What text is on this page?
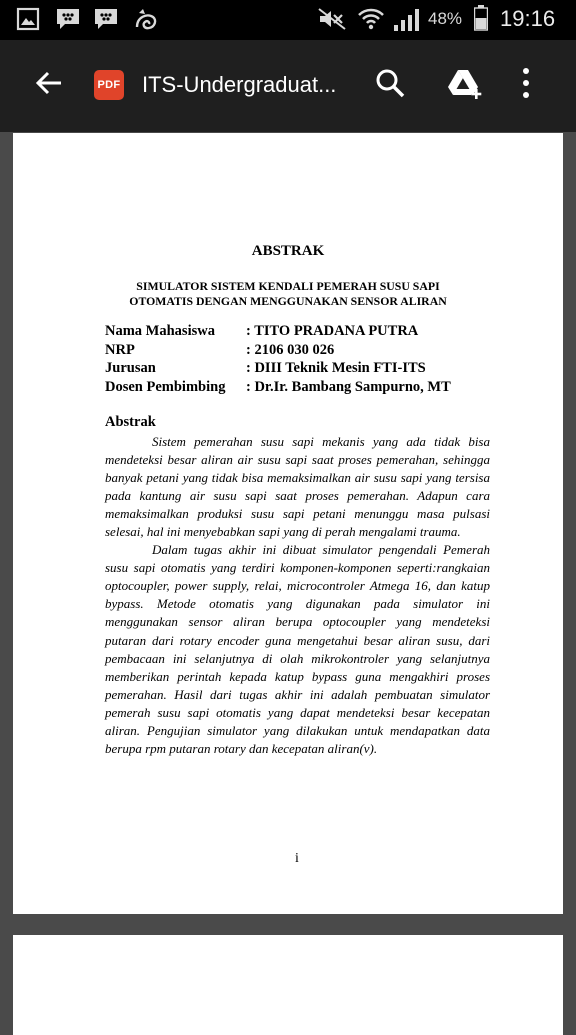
48% 19:16
PDF ITS-Undergraduat...
ABSTRAK
SIMULATOR SISTEM KENDALI PEMERAH SUSU SAPI
OTOMATIS DENGAN MENGGUNAKAN SENSOR ALIRAN
Nama Mahasiswa : TITO PRADANA PUTRA
NRP	: 2106 030 026
Jurusan	: DIII Teknik Mesin FTI-ITS
Dosen Pembimbing : Dr.Ir. Bambang Sampurno, MT
Abstrak

Sistem pemerahan susu sapi mekanis yang ada tidak bisa mendeteksi besar aliran air susu sapi saat proses pemerahan, sehingga banyak petani yang tidak bisa memaksimalkan air susu sapi yang tersisa pada kantung air susu sapi saat proses pemerahan. Adapun cara memaksimalkan produksi susu sapi petani menunggu masa pulsasi selesai, hal ini menyebabkan sapi yang di perah mengalami trauma.

Dalam tugas akhir ini dibuat simulator pengendali Pemerah susu sapi otomatis yang terdiri komponen-komponen seperti:rangkaian optocoupler, power supply, relai, microcontroler Atmega 16, dan katup bypass. Metode otomatis yang digunakan pada simulator ini menggunakan sensor aliran berupa optocoupler yang mendeteksi putaran dari rotary encoder guna mengetahui besar aliran susu, dari pembacaan ini selanjutnya di olah mikrokontroler yang selanjutnya memberikan perintah kepada katup bypass guna mengakhiri proses pemerahan. Hasil dari tugas akhir ini adalah pembuatan simulator pemerah susu sapi otomatis yang dapat mendeteksi besar kecepatan aliran. Pengujian simulator yang dilakukan untuk mendapatkan data berupa rpm putaran rotary dan kecepatan aliran(v).

i
